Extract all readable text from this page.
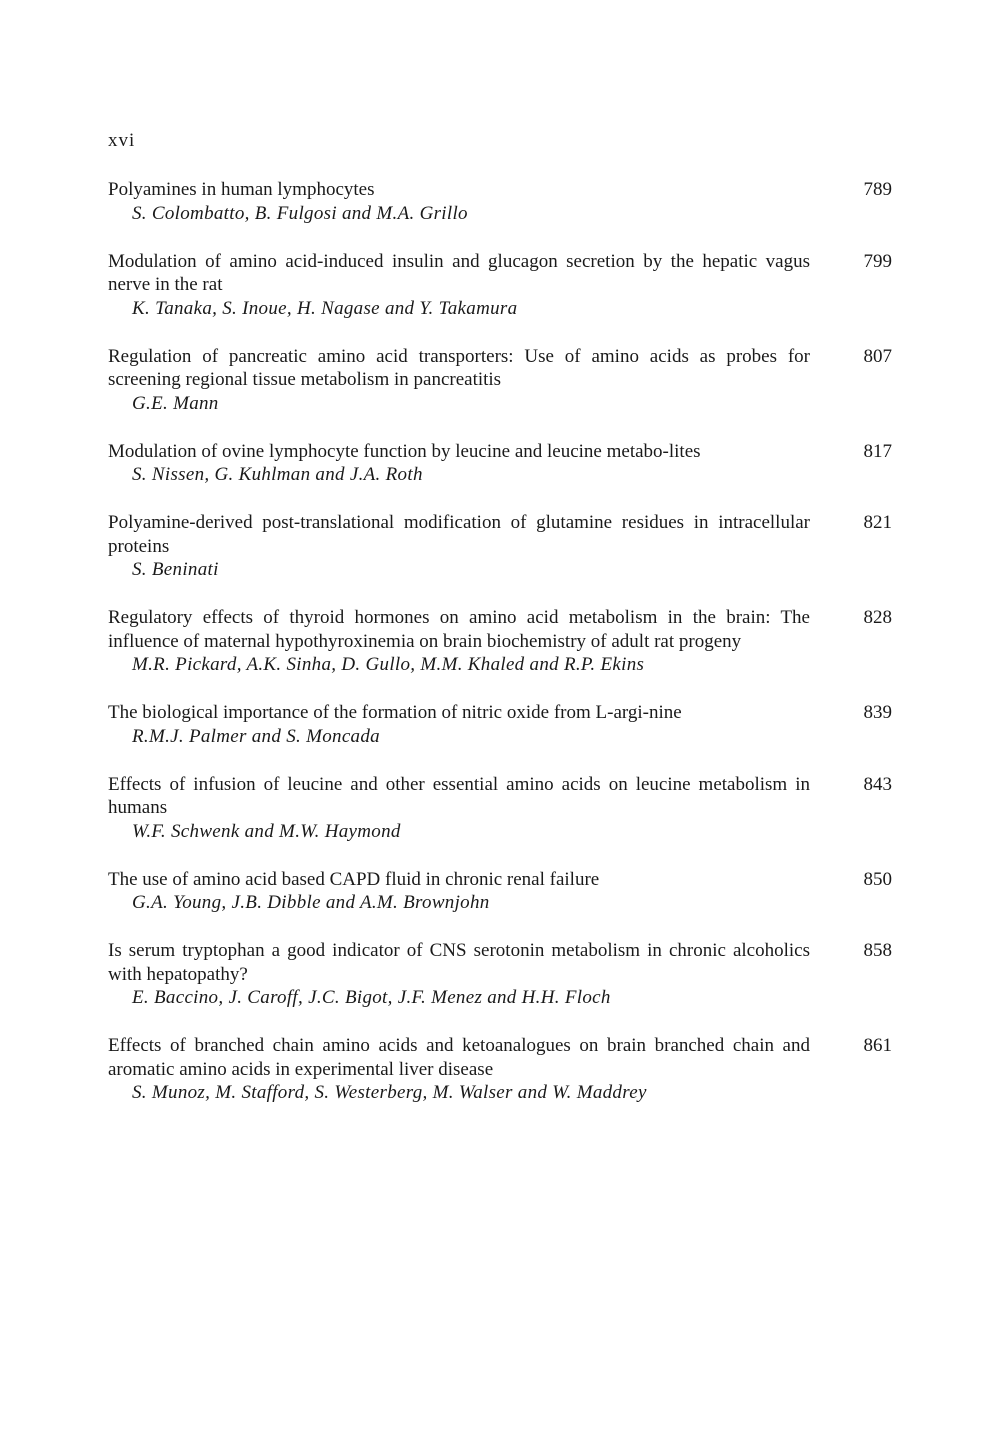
xvi
Polyamines in human lymphocytes
S. Colombatto, B. Fulgosi and M.A. Grillo
789
Modulation of amino acid-induced insulin and glucagon secretion by the hepatic vagus nerve in the rat
K. Tanaka, S. Inoue, H. Nagase and Y. Takamura
799
Regulation of pancreatic amino acid transporters: Use of amino acids as probes for screening regional tissue metabolism in pancreatitis
G.E. Mann
807
Modulation of ovine lymphocyte function by leucine and leucine metabo-lites
S. Nissen, G. Kuhlman and J.A. Roth
817
Polyamine-derived post-translational modification of glutamine residues in intracellular proteins
S. Beninati
821
Regulatory effects of thyroid hormones on amino acid metabolism in the brain: The influence of maternal hypothyroxinemia on brain biochemistry of adult rat progeny
M.R. Pickard, A.K. Sinha, D. Gullo, M.M. Khaled and R.P. Ekins
828
The biological importance of the formation of nitric oxide from L-argi-nine
R.M.J. Palmer and S. Moncada
839
Effects of infusion of leucine and other essential amino acids on leucine metabolism in humans
W.F. Schwenk and M.W. Haymond
843
The use of amino acid based CAPD fluid in chronic renal failure
G.A. Young, J.B. Dibble and A.M. Brownjohn
850
Is serum tryptophan a good indicator of CNS serotonin metabolism in chronic alcoholics with hepatopathy?
E. Baccino, J. Caroff, J.C. Bigot, J.F. Menez and H.H. Floch
858
Effects of branched chain amino acids and ketoanalogues on brain branched chain and aromatic amino acids in experimental liver disease
S. Munoz, M. Stafford, S. Westerberg, M. Walser and W. Maddrey
861
